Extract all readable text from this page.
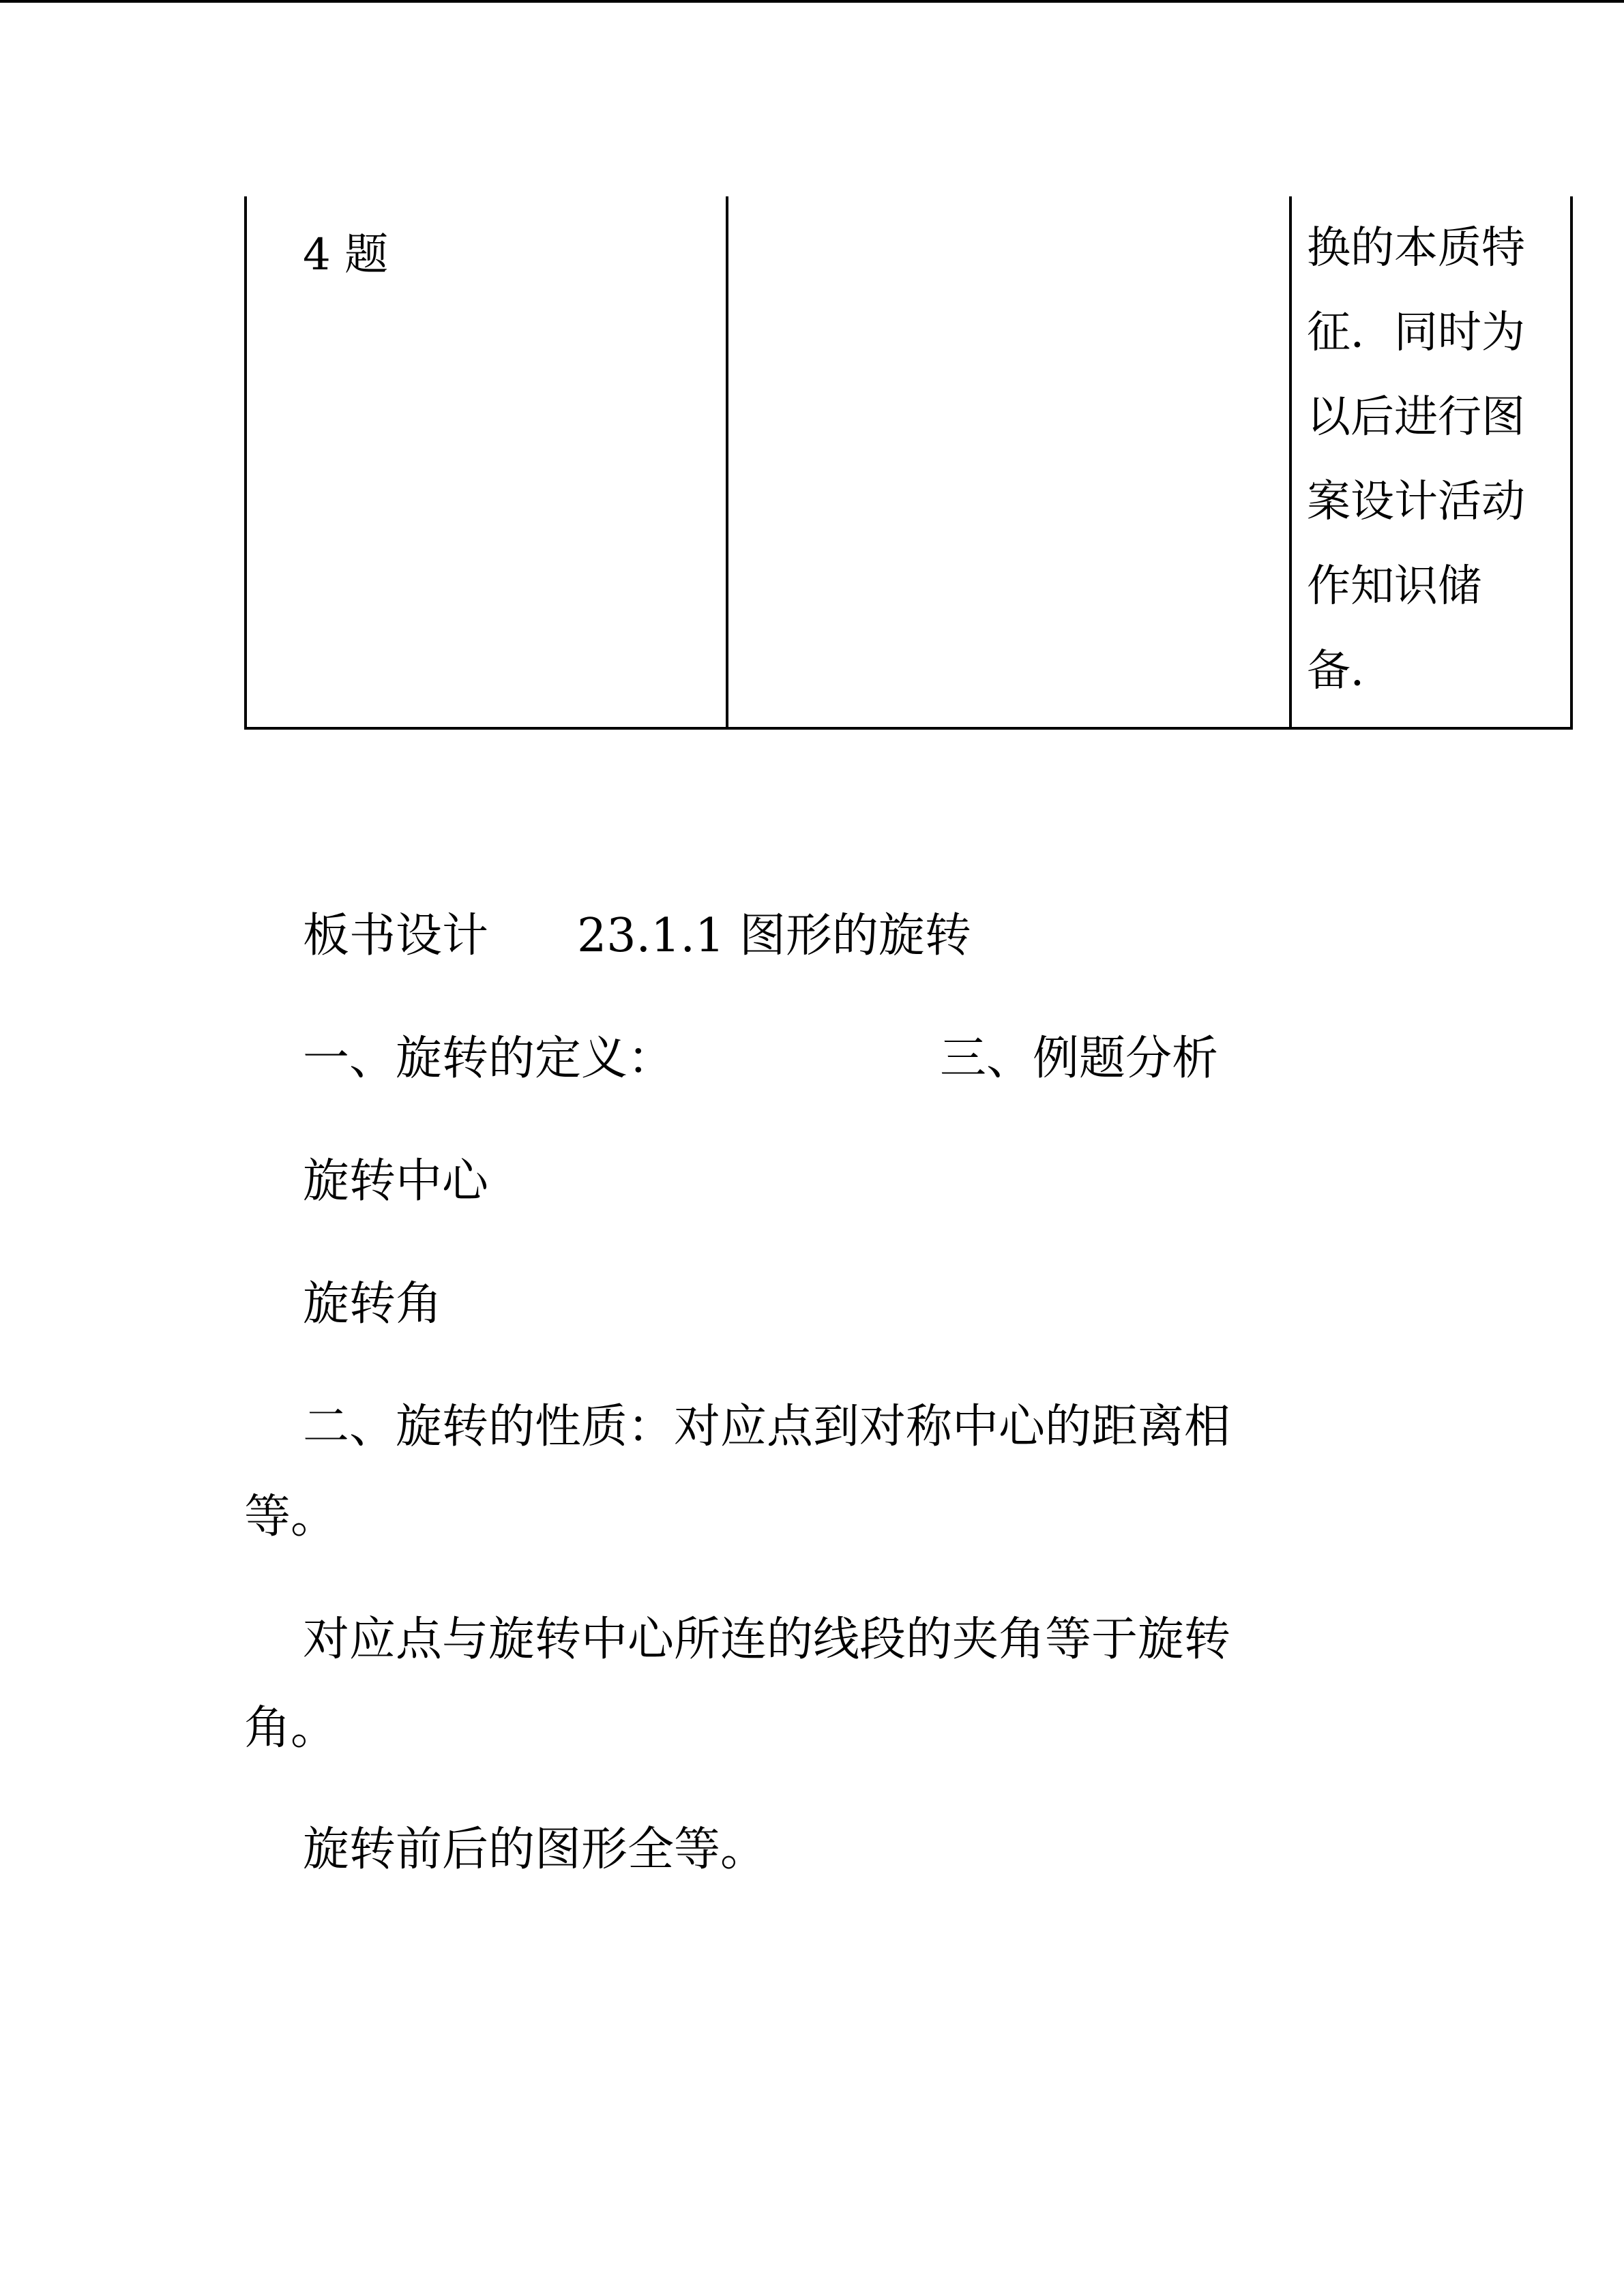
4 题	换的本质特
征．同时为
以后进行图
案设计活动
作知识储
备．
板书设计 23.1.1 图形的旋转
一、旋转的定义：	三、例题分析
旋转中心
旋转角
二、旋转的性质：对应点到对称中心的距离相
等。
对应点与旋转中心所连的线段的夹角等于旋转
角。
旋转前后的图形全等。
